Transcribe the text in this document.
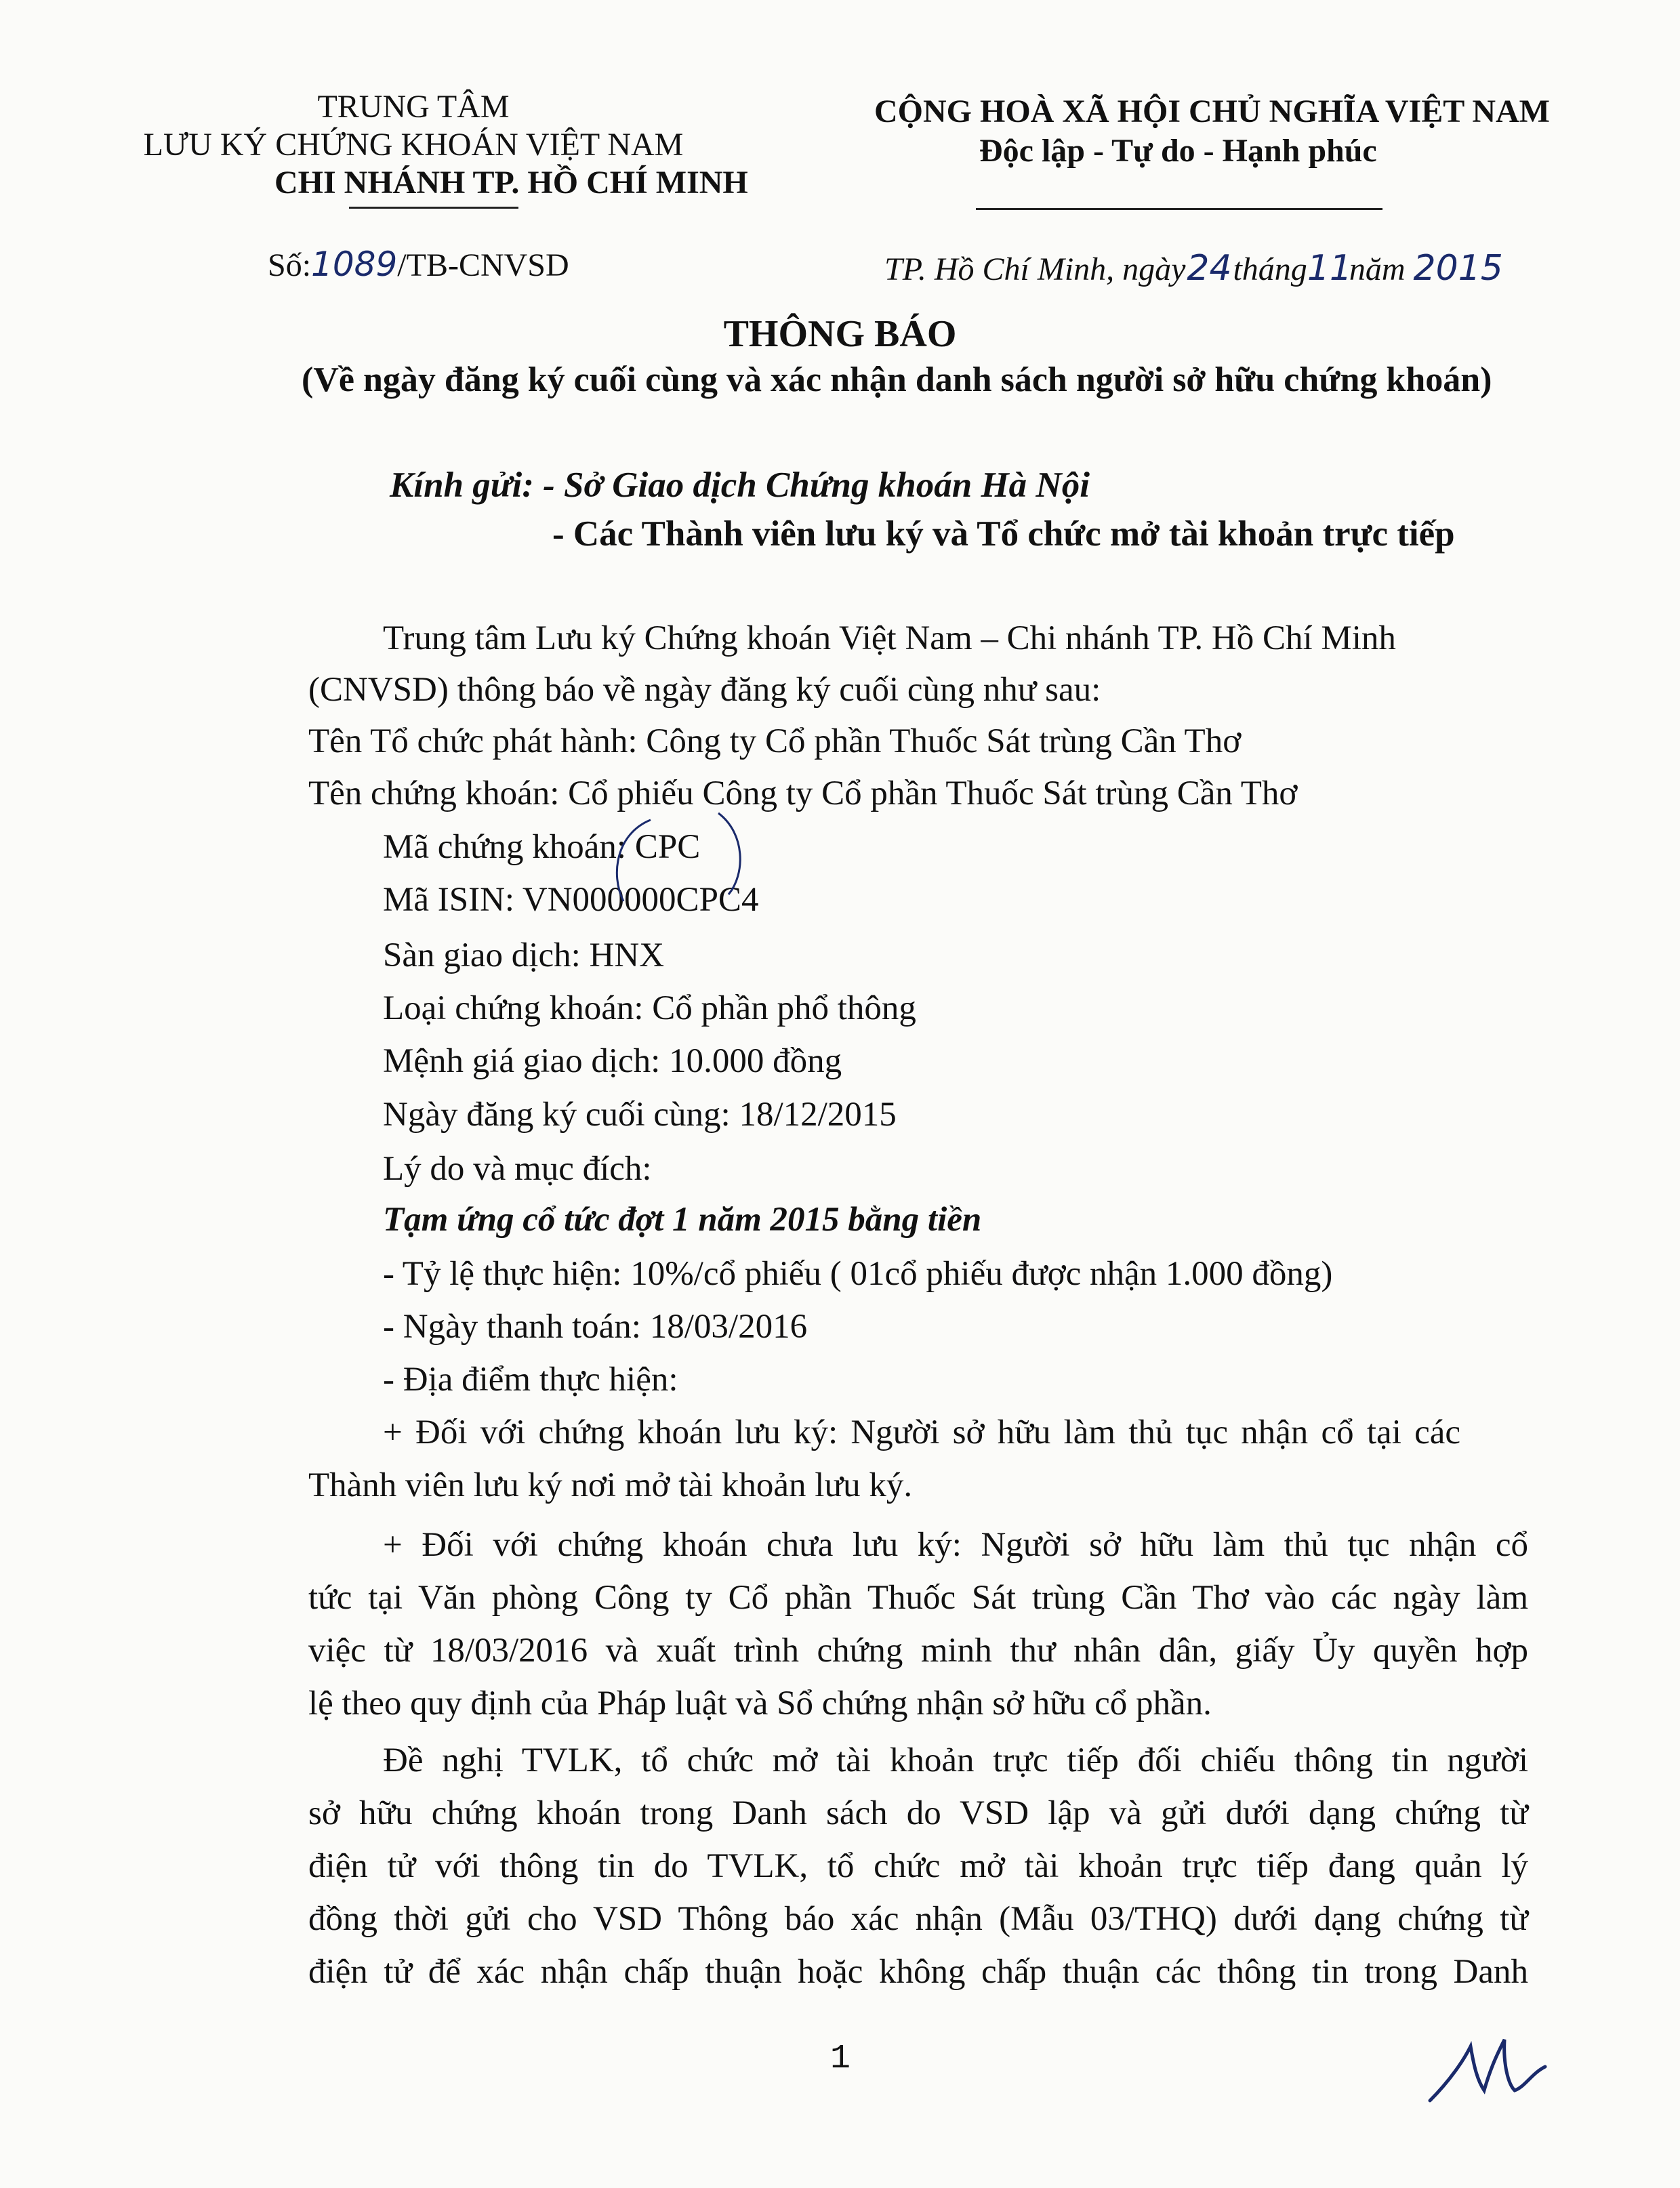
TRUNG TÂM
LƯU KÝ CHỨNG KHOÁN VIỆT NAM
CHI NHÁNH TP. HỒ CHÍ MINH
Số:1089/TB-CNVSD
CỘNG HOÀ XÃ HỘI CHỦ NGHĨA VIỆT NAM
Độc lập - Tự do - Hạnh phúc
TP. Hồ Chí Minh, ngày24tháng11năm 2015
THÔNG BÁO
(Về ngày đăng ký cuối cùng và xác nhận danh sách người sở hữu chứng khoán)
Kính gửi: - Sở Giao dịch Chứng khoán Hà Nội
- Các Thành viên lưu ký và Tổ chức mở tài khoản trực tiếp
Trung tâm Lưu ký Chứng khoán Việt Nam – Chi nhánh TP. Hồ Chí Minh
(CNVSD) thông báo về ngày đăng ký cuối cùng như sau:
Tên Tổ chức phát hành: Công ty Cổ phần Thuốc Sát trùng Cần Thơ
Tên chứng khoán: Cổ phiếu Công ty Cổ phần Thuốc Sát trùng Cần Thơ
Mã chứng khoán: CPC
Mã ISIN: VN000000CPC4
Sàn giao dịch: HNX
Loại chứng khoán: Cổ phần phổ thông
Mệnh giá giao dịch: 10.000 đồng
Ngày đăng ký cuối cùng: 18/12/2015
Lý do và mục đích:
Tạm ứng cổ tức đợt 1 năm 2015 bằng tiền
- Tỷ lệ thực hiện: 10%/cổ phiếu ( 01cổ phiếu được nhận 1.000 đồng)
- Ngày thanh toán: 18/03/2016
- Địa điểm thực hiện:
+ Đối với chứng khoán lưu ký: Người sở hữu làm thủ tục nhận cổ tại các
Thành viên lưu ký nơi mở tài khoản lưu ký.
+ Đối với chứng khoán chưa lưu ký: Người sở hữu làm thủ tục nhận cổ
tức tại Văn phòng Công ty Cổ phần Thuốc Sát trùng Cần Thơ vào các ngày làm
việc từ 18/03/2016 và xuất trình chứng minh thư nhân dân, giấy Ủy quyền hợp
lệ theo quy định của Pháp luật và Sổ chứng nhận sở hữu cổ phần.
Đề nghị TVLK, tổ chức mở tài khoản trực tiếp đối chiếu thông tin người
sở hữu chứng khoán trong Danh sách do VSD lập và gửi dưới dạng chứng từ
điện tử với thông tin do TVLK, tổ chức mở tài khoản trực tiếp đang quản lý
đồng thời gửi cho VSD Thông báo xác nhận (Mẫu 03/THQ) dưới dạng chứng từ
điện tử để xác nhận chấp thuận hoặc không chấp thuận các thông tin trong Danh
1
